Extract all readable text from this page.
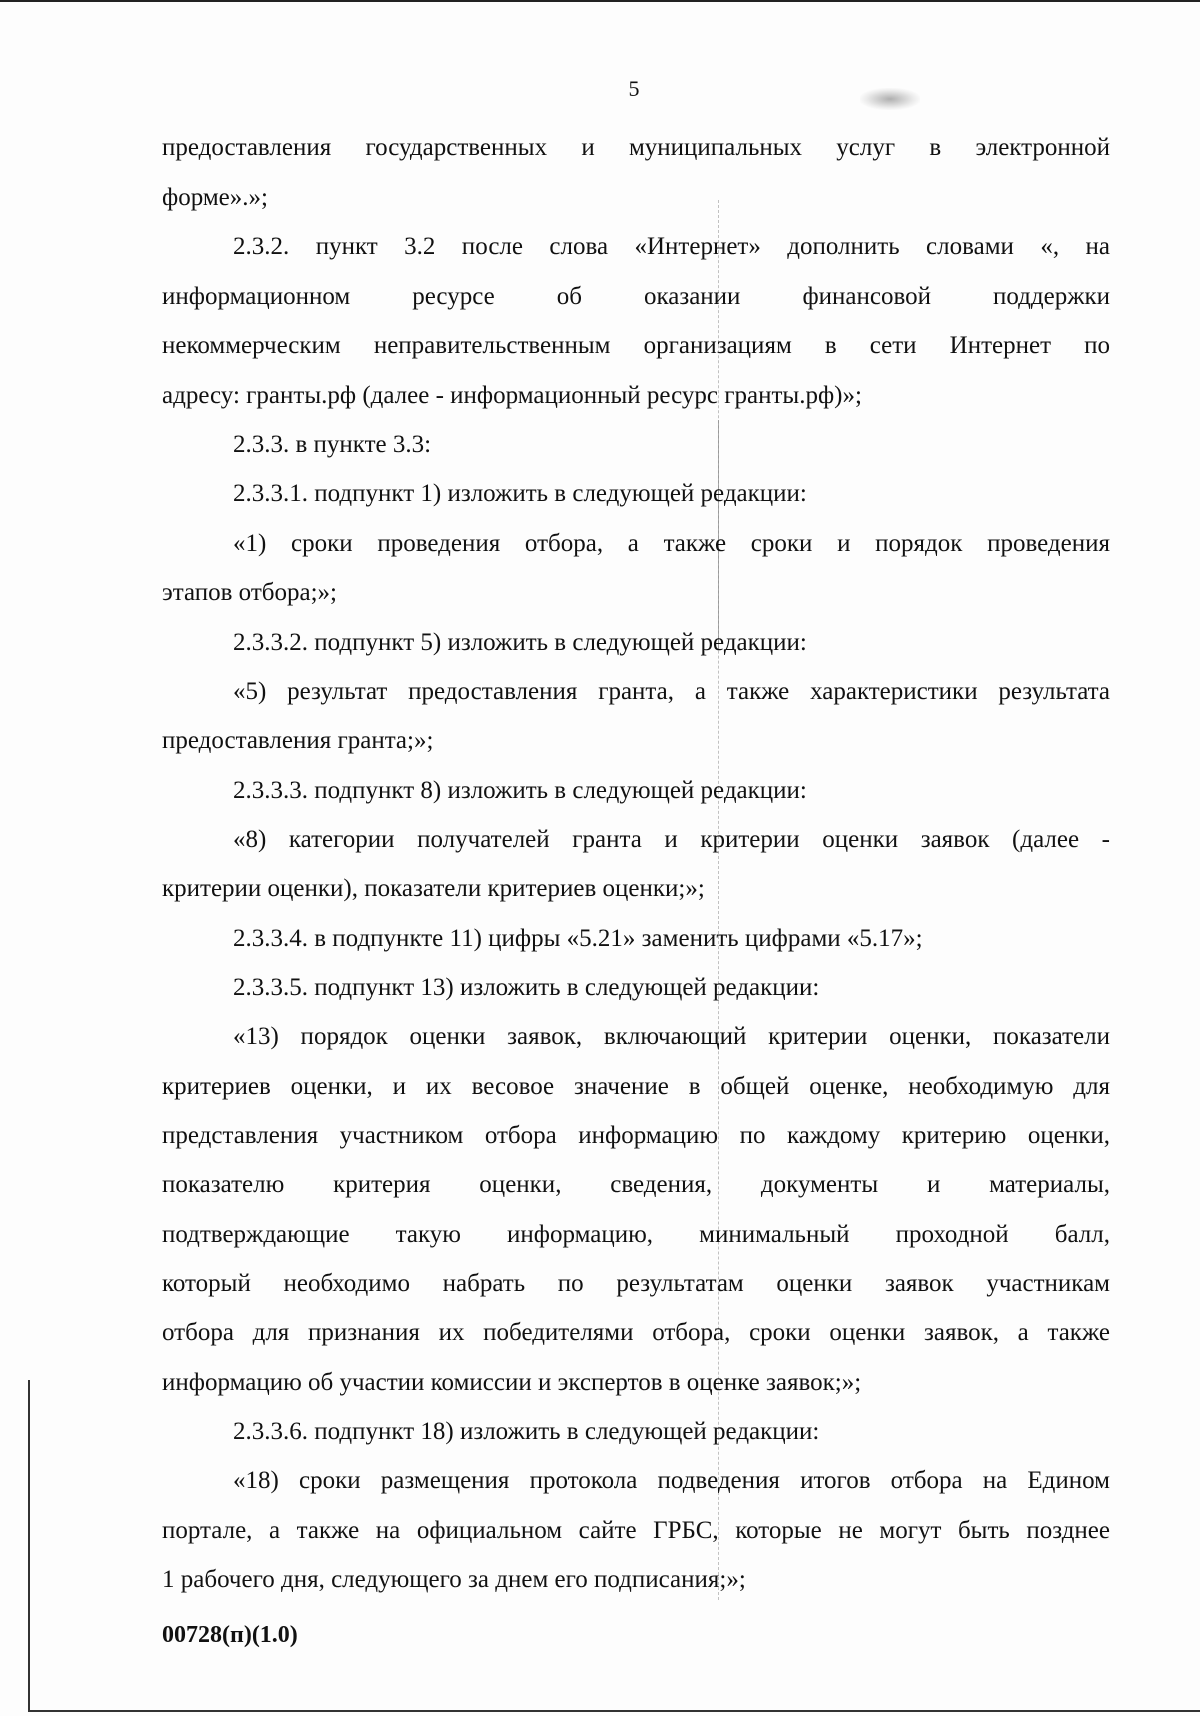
5
предоставления государственных и муниципальных услуг в электронной
форме».»;
2.3.2. пункт 3.2 после слова «Интернет» дополнить словами «, на
информационном ресурсе об оказании финансовой поддержки
некоммерческим неправительственным организациям в сети Интернет по
адресу: гранты.рф (далее - информационный ресурс гранты.рф)»;
2.3.3. в пункте 3.3:
2.3.3.1. подпункт 1) изложить в следующей редакции:
«1) сроки проведения отбора, а также сроки и порядок проведения
этапов отбора;»;
2.3.3.2. подпункт 5) изложить в следующей редакции:
«5) результат предоставления гранта, а также характеристики результата
предоставления гранта;»;
2.3.3.3. подпункт 8) изложить в следующей редакции:
«8) категории получателей гранта и критерии оценки заявок (далее -
критерии оценки), показатели критериев оценки;»;
2.3.3.4. в подпункте 11) цифры «5.21» заменить цифрами «5.17»;
2.3.3.5. подпункт 13) изложить в следующей редакции:
«13) порядок оценки заявок, включающий критерии оценки, показатели
критериев оценки, и их весовое значение в общей оценке, необходимую для
представления участником отбора информацию по каждому критерию оценки,
показателю критерия оценки, сведения, документы и материалы,
подтверждающие такую информацию, минимальный проходной балл,
который необходимо набрать по результатам оценки заявок участникам
отбора для признания их победителями отбора, сроки оценки заявок, а также
информацию об участии комиссии и экспертов в оценке заявок;»;
2.3.3.6. подпункт 18) изложить в следующей редакции:
«18) сроки размещения протокола подведения итогов отбора на Едином
портале, а также на официальном сайте ГРБС, которые не могут быть позднее
1 рабочего дня, следующего за днем его подписания;»;
00728(п)(1.0)
